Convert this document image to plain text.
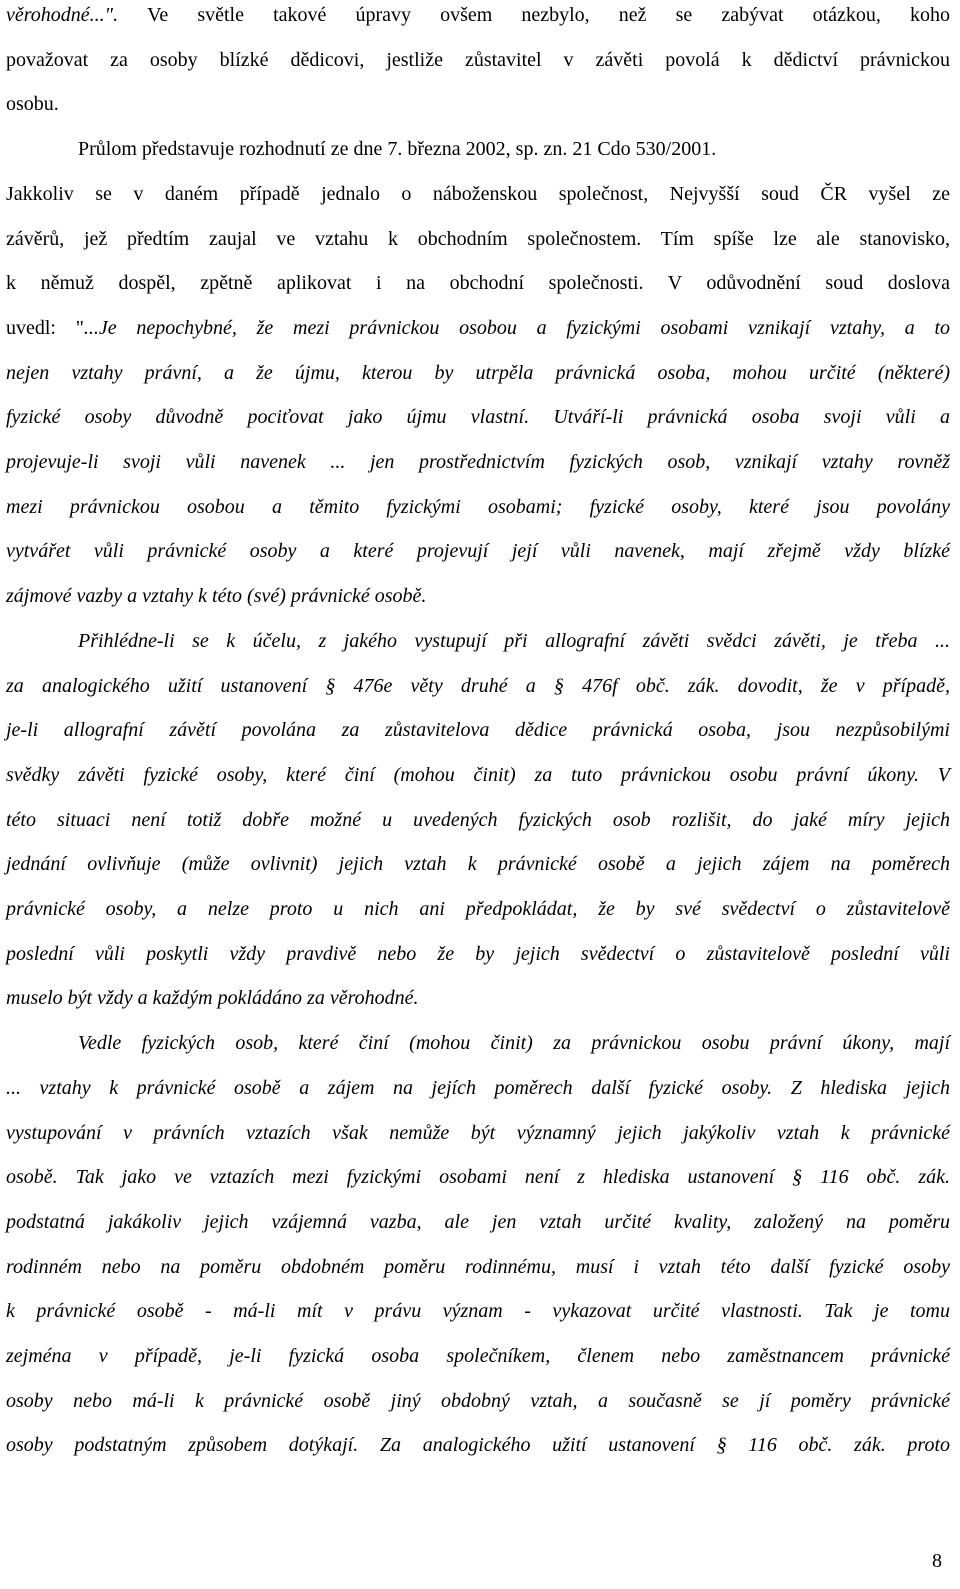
věrohodné...". Ve světle takové úpravy ovšem nezbylo, než se zabývat otázkou, koho
považovat za osoby blízké dědicovi, jestliže zůstavitel v závěti povolá k dědictví právnickou
osobu.
Průlom představuje rozhodnutí ze dne 7. března 2002, sp. zn. 21 Cdo 530/2001.
Jakkoliv se v daném případě jednalo o náboženskou společnost, Nejvyšší soud ČR vyšel ze
závěrů, jež předtím zaujal ve vztahu k obchodním společnostem. Tím spíše lze ale stanovisko,
k němuž dospěl, zpětně aplikovat i na obchodní společnosti. V odůvodnění soud doslova
uvedl: "...Je nepochybné, že mezi právnickou osobou a fyzickými osobami vznikají vztahy, a to
nejen vztahy právní, a že újmu, kterou by utrpěla právnická osoba, mohou určité (některé)
fyzické osoby důvodně pociťovat jako újmu vlastní. Utváří-li právnická osoba svoji vůli a
projevuje-li svoji vůli navenek ... jen prostřednictvím fyzických osob, vznikají vztahy rovněž
mezi právnickou osobou a těmito fyzickými osobami; fyzické osoby, které jsou povolány
vytvářet vůli právnické osoby a které projevují její vůli navenek, mají zřejmě vždy blízké
zájmové vazby a vztahy k této (své) právnické osobě.
Přihlédne-li se k účelu, z jakého vystupují při allografní závěti svědci závěti, je třeba ...
za analogického užití ustanovení § 476e věty druhé a § 476f obč. zák. dovodit, že v případě,
je-li allografní závětí povolána za zůstavitelova dědice právnická osoba, jsou nezpůsobilými
svědky závěti fyzické osoby, které činí (mohou činit) za tuto právnickou osobu právní úkony. V
této situaci není totiž dobře možné u uvedených fyzických osob rozlišit, do jaké míry jejich
jednání ovlivňuje (může ovlivnit) jejich vztah k právnické osobě a jejich zájem na poměrech
právnické osoby, a nelze proto u nich ani předpokládat, že by své svědectví o zůstavitelově
poslední vůli poskytli vždy pravdivě nebo že by jejich svědectví o zůstavitelově poslední vůli
muselo být vždy a každým pokládáno za věrohodné.
Vedle fyzických osob, které činí (mohou činit) za právnickou osobu právní úkony, mají
... vztahy k právnické osobě a zájem na jejích poměrech další fyzické osoby. Z hlediska jejich
vystupování v právních vztazích však nemůže být významný jejich jakýkoliv vztah k právnické
osobě. Tak jako ve vztazích mezi fyzickými osobami není z hlediska ustanovení § 116 obč. zák.
podstatná jakákoliv jejich vzájemná vazba, ale jen vztah určité kvality, založený na poměru
rodinném nebo na poměru obdobném poměru rodinnému, musí i vztah této další fyzické osoby
k právnické osobě - má-li mít v právu význam - vykazovat určité vlastnosti. Tak je tomu
zejména v případě, je-li fyzická osoba společníkem, členem nebo zaměstnancem právnické
osoby nebo má-li k právnické osobě jiný obdobný vztah, a současně se jí poměry právnické
osoby podstatným způsobem dotýkají. Za analogického užití ustanovení § 116 obč. zák. proto
8
